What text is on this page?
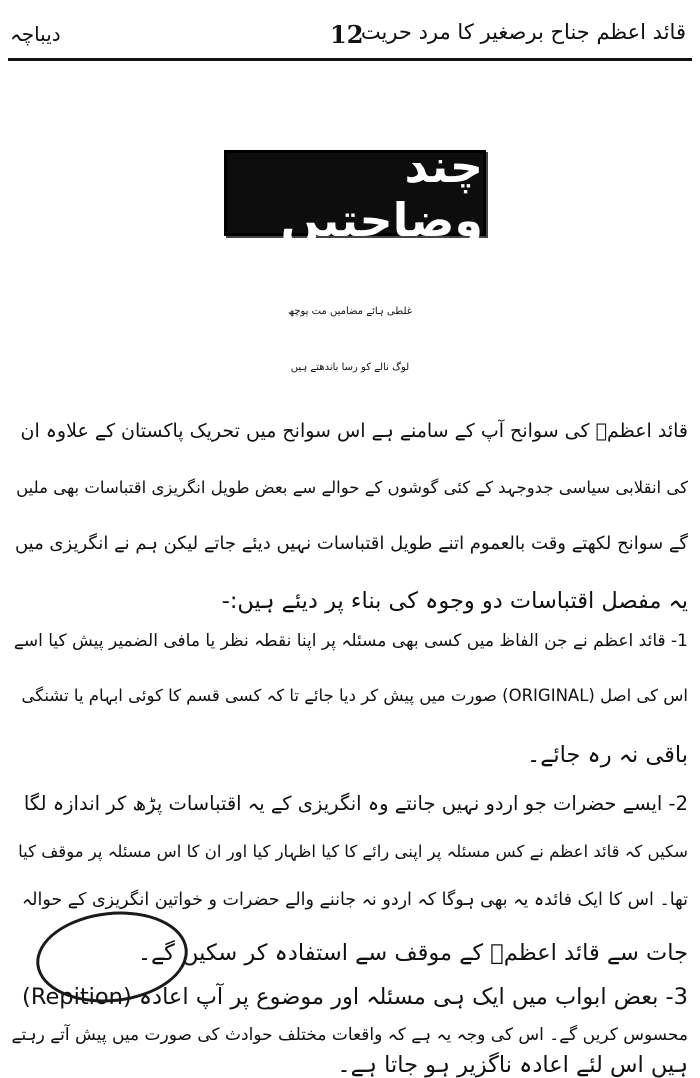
دیباچہ	12
قائد اعظم جناح برصغیر کا مرد حریت
چند وضاحتیں
غلطی ہائے مضامیں مت پوچھ
لوگ نالے کو رسا باندھتے ہیں
قائد اعظمؒ کی سوانح آپ کے سامنے ہے اس سوانح میں تحریک پاکستان کے علاوہ ان
کی انقلابی سیاسی جدوجہد کے کئی گوشوں کے حوالے سے بعض طویل انگریزی اقتباسات بھی ملیں
گے سوانح لکھتے وقت بالعموم اتنے طویل اقتباسات نہیں دیئے جاتے لیکن ہم نے انگریزی میں
یہ مفصل اقتباسات دو وجوہ کی بناء پر دیئے ہیں:-
1- قائد اعظم نے جن الفاظ میں کسی بھی مسئلہ پر اپنا نقطہ نظر یا مافی الضمیر پیش کیا اسے
اس کی اصل (ORIGINAL) صورت میں پیش کر دیا جائے تا کہ کسی قسم کا کوئی ابہام یا تشنگی
باقی نہ رہ جائے۔
2- ایسے حضرات جو اردو نہیں جانتے وہ انگریزی کے یہ اقتباسات پڑھ کر اندازہ لگا
سکیں کہ قائد اعظم نے کس مسئلہ پر اپنی رائے کا کیا اظہار کیا اور ان کا اس مسئلہ پر موقف کیا
تھا۔ اس کا ایک فائدہ یہ بھی ہوگا کہ اردو نہ جاننے والے حضرات و خواتین انگریزی کے حوالہ
جات سے قائد اعظمؒ کے موقف سے استفادہ کر سکیں گے۔
3- بعض ابواب میں ایک ہی مسئلہ اور موضوع پر آپ اعادہ (Repition)
محسوس کریں گے۔ اس کی وجہ یہ ہے کہ واقعات مختلف حوادث کی صورت میں پیش آتے رہتے
ہیں اس لئے اعادہ ناگزیر ہو جاتا ہے۔
